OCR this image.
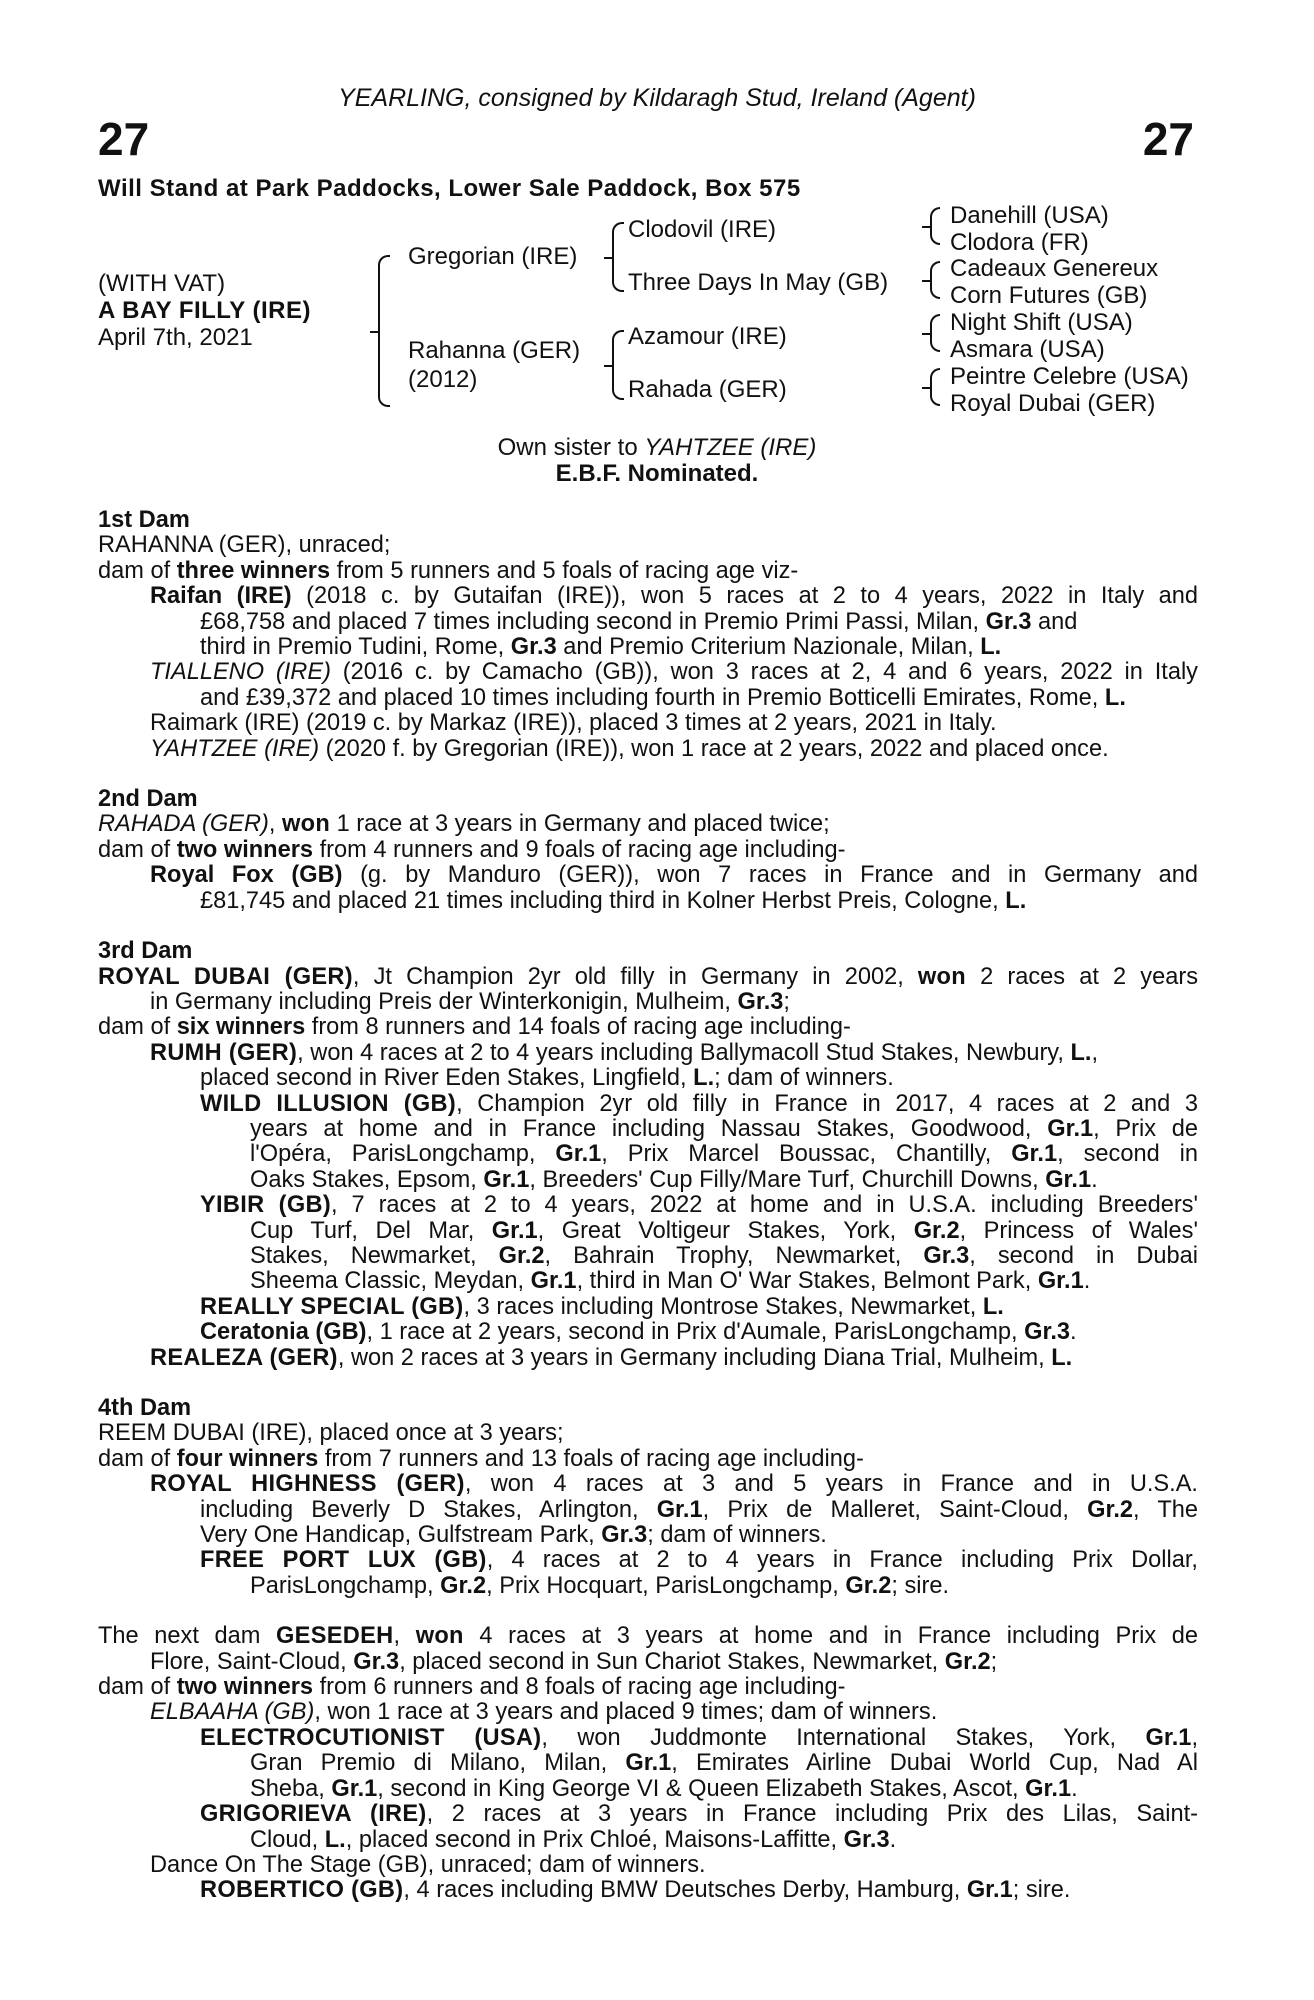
YEARLING, consigned by Kildaragh Stud, Ireland (Agent)
27	27
Will Stand at Park Paddocks, Lower Sale Paddock, Box 575
(WITH VAT)
A BAY FILLY (IRE)
April 7th, 2021
Gregorian (IRE)
Rahanna (GER)
(2012)
Clodovil (IRE)
Three Days In May (GB)
Azamour (IRE)
Rahada (GER)
Danehill (USA)
Clodora (FR)
Cadeaux Genereux
Corn Futures (GB)
Night Shift (USA)
Asmara (USA)
Peintre Celebre (USA)
Royal Dubai (GER)
Own sister to YAHTZEE (IRE)
E.B.F. Nominated.
1st Dam
RAHANNA (GER), unraced;
dam of three winners from 5 runners and 5 foals of racing age viz-
Raifan (IRE) (2018 c. by Gutaifan (IRE)), won 5 races at 2 to 4 years, 2022 in Italy and
£68,758 and placed 7 times including second in Premio Primi Passi, Milan, Gr.3 and
third in Premio Tudini, Rome, Gr.3 and Premio Criterium Nazionale, Milan, L.
TIALLENO (IRE) (2016 c. by Camacho (GB)), won 3 races at 2, 4 and 6 years, 2022 in Italy
and £39,372 and placed 10 times including fourth in Premio Botticelli Emirates, Rome, L.
Raimark (IRE) (2019 c. by Markaz (IRE)), placed 3 times at 2 years, 2021 in Italy.
YAHTZEE (IRE) (2020 f. by Gregorian (IRE)), won 1 race at 2 years, 2022 and placed once.
2nd Dam
RAHADA (GER), won 1 race at 3 years in Germany and placed twice;
dam of two winners from 4 runners and 9 foals of racing age including-
Royal Fox (GB) (g. by Manduro (GER)), won 7 races in France and in Germany and
£81,745 and placed 21 times including third in Kolner Herbst Preis, Cologne, L.
3rd Dam
ROYAL DUBAI (GER), Jt Champion 2yr old filly in Germany in 2002, won 2 races at 2 years
in Germany including Preis der Winterkonigin, Mulheim, Gr.3;
dam of six winners from 8 runners and 14 foals of racing age including-
RUMH (GER), won 4 races at 2 to 4 years including Ballymacoll Stud Stakes, Newbury, L.,
placed second in River Eden Stakes, Lingfield, L.; dam of winners.
WILD ILLUSION (GB), Champion 2yr old filly in France in 2017, 4 races at 2 and 3
years at home and in France including Nassau Stakes, Goodwood, Gr.1, Prix de
l'Opéra, ParisLongchamp, Gr.1, Prix Marcel Boussac, Chantilly, Gr.1, second in
Oaks Stakes, Epsom, Gr.1, Breeders' Cup Filly/Mare Turf, Churchill Downs, Gr.1.
YIBIR (GB), 7 races at 2 to 4 years, 2022 at home and in U.S.A. including Breeders'
Cup Turf, Del Mar, Gr.1, Great Voltigeur Stakes, York, Gr.2, Princess of Wales'
Stakes, Newmarket, Gr.2, Bahrain Trophy, Newmarket, Gr.3, second in Dubai
Sheema Classic, Meydan, Gr.1, third in Man O' War Stakes, Belmont Park, Gr.1.
REALLY SPECIAL (GB), 3 races including Montrose Stakes, Newmarket, L.
Ceratonia (GB), 1 race at 2 years, second in Prix d'Aumale, ParisLongchamp, Gr.3.
REALEZA (GER), won 2 races at 3 years in Germany including Diana Trial, Mulheim, L.
4th Dam
REEM DUBAI (IRE), placed once at 3 years;
dam of four winners from 7 runners and 13 foals of racing age including-
ROYAL HIGHNESS (GER), won 4 races at 3 and 5 years in France and in U.S.A.
including Beverly D Stakes, Arlington, Gr.1, Prix de Malleret, Saint-Cloud, Gr.2, The
Very One Handicap, Gulfstream Park, Gr.3; dam of winners.
FREE PORT LUX (GB), 4 races at 2 to 4 years in France including Prix Dollar,
ParisLongchamp, Gr.2, Prix Hocquart, ParisLongchamp, Gr.2; sire.
The next dam GESEDEH, won 4 races at 3 years at home and in France including Prix de
Flore, Saint-Cloud, Gr.3, placed second in Sun Chariot Stakes, Newmarket, Gr.2;
dam of two winners from 6 runners and 8 foals of racing age including-
ELBAAHA (GB), won 1 race at 3 years and placed 9 times; dam of winners.
ELECTROCUTIONIST (USA), won Juddmonte International Stakes, York, Gr.1,
Gran Premio di Milano, Milan, Gr.1, Emirates Airline Dubai World Cup, Nad Al
Sheba, Gr.1, second in King George VI & Queen Elizabeth Stakes, Ascot, Gr.1.
GRIGORIEVA (IRE), 2 races at 3 years in France including Prix des Lilas, Saint-
Cloud, L., placed second in Prix Chloé, Maisons-Laffitte, Gr.3.
Dance On The Stage (GB), unraced; dam of winners.
ROBERTICO (GB), 4 races including BMW Deutsches Derby, Hamburg, Gr.1; sire.
